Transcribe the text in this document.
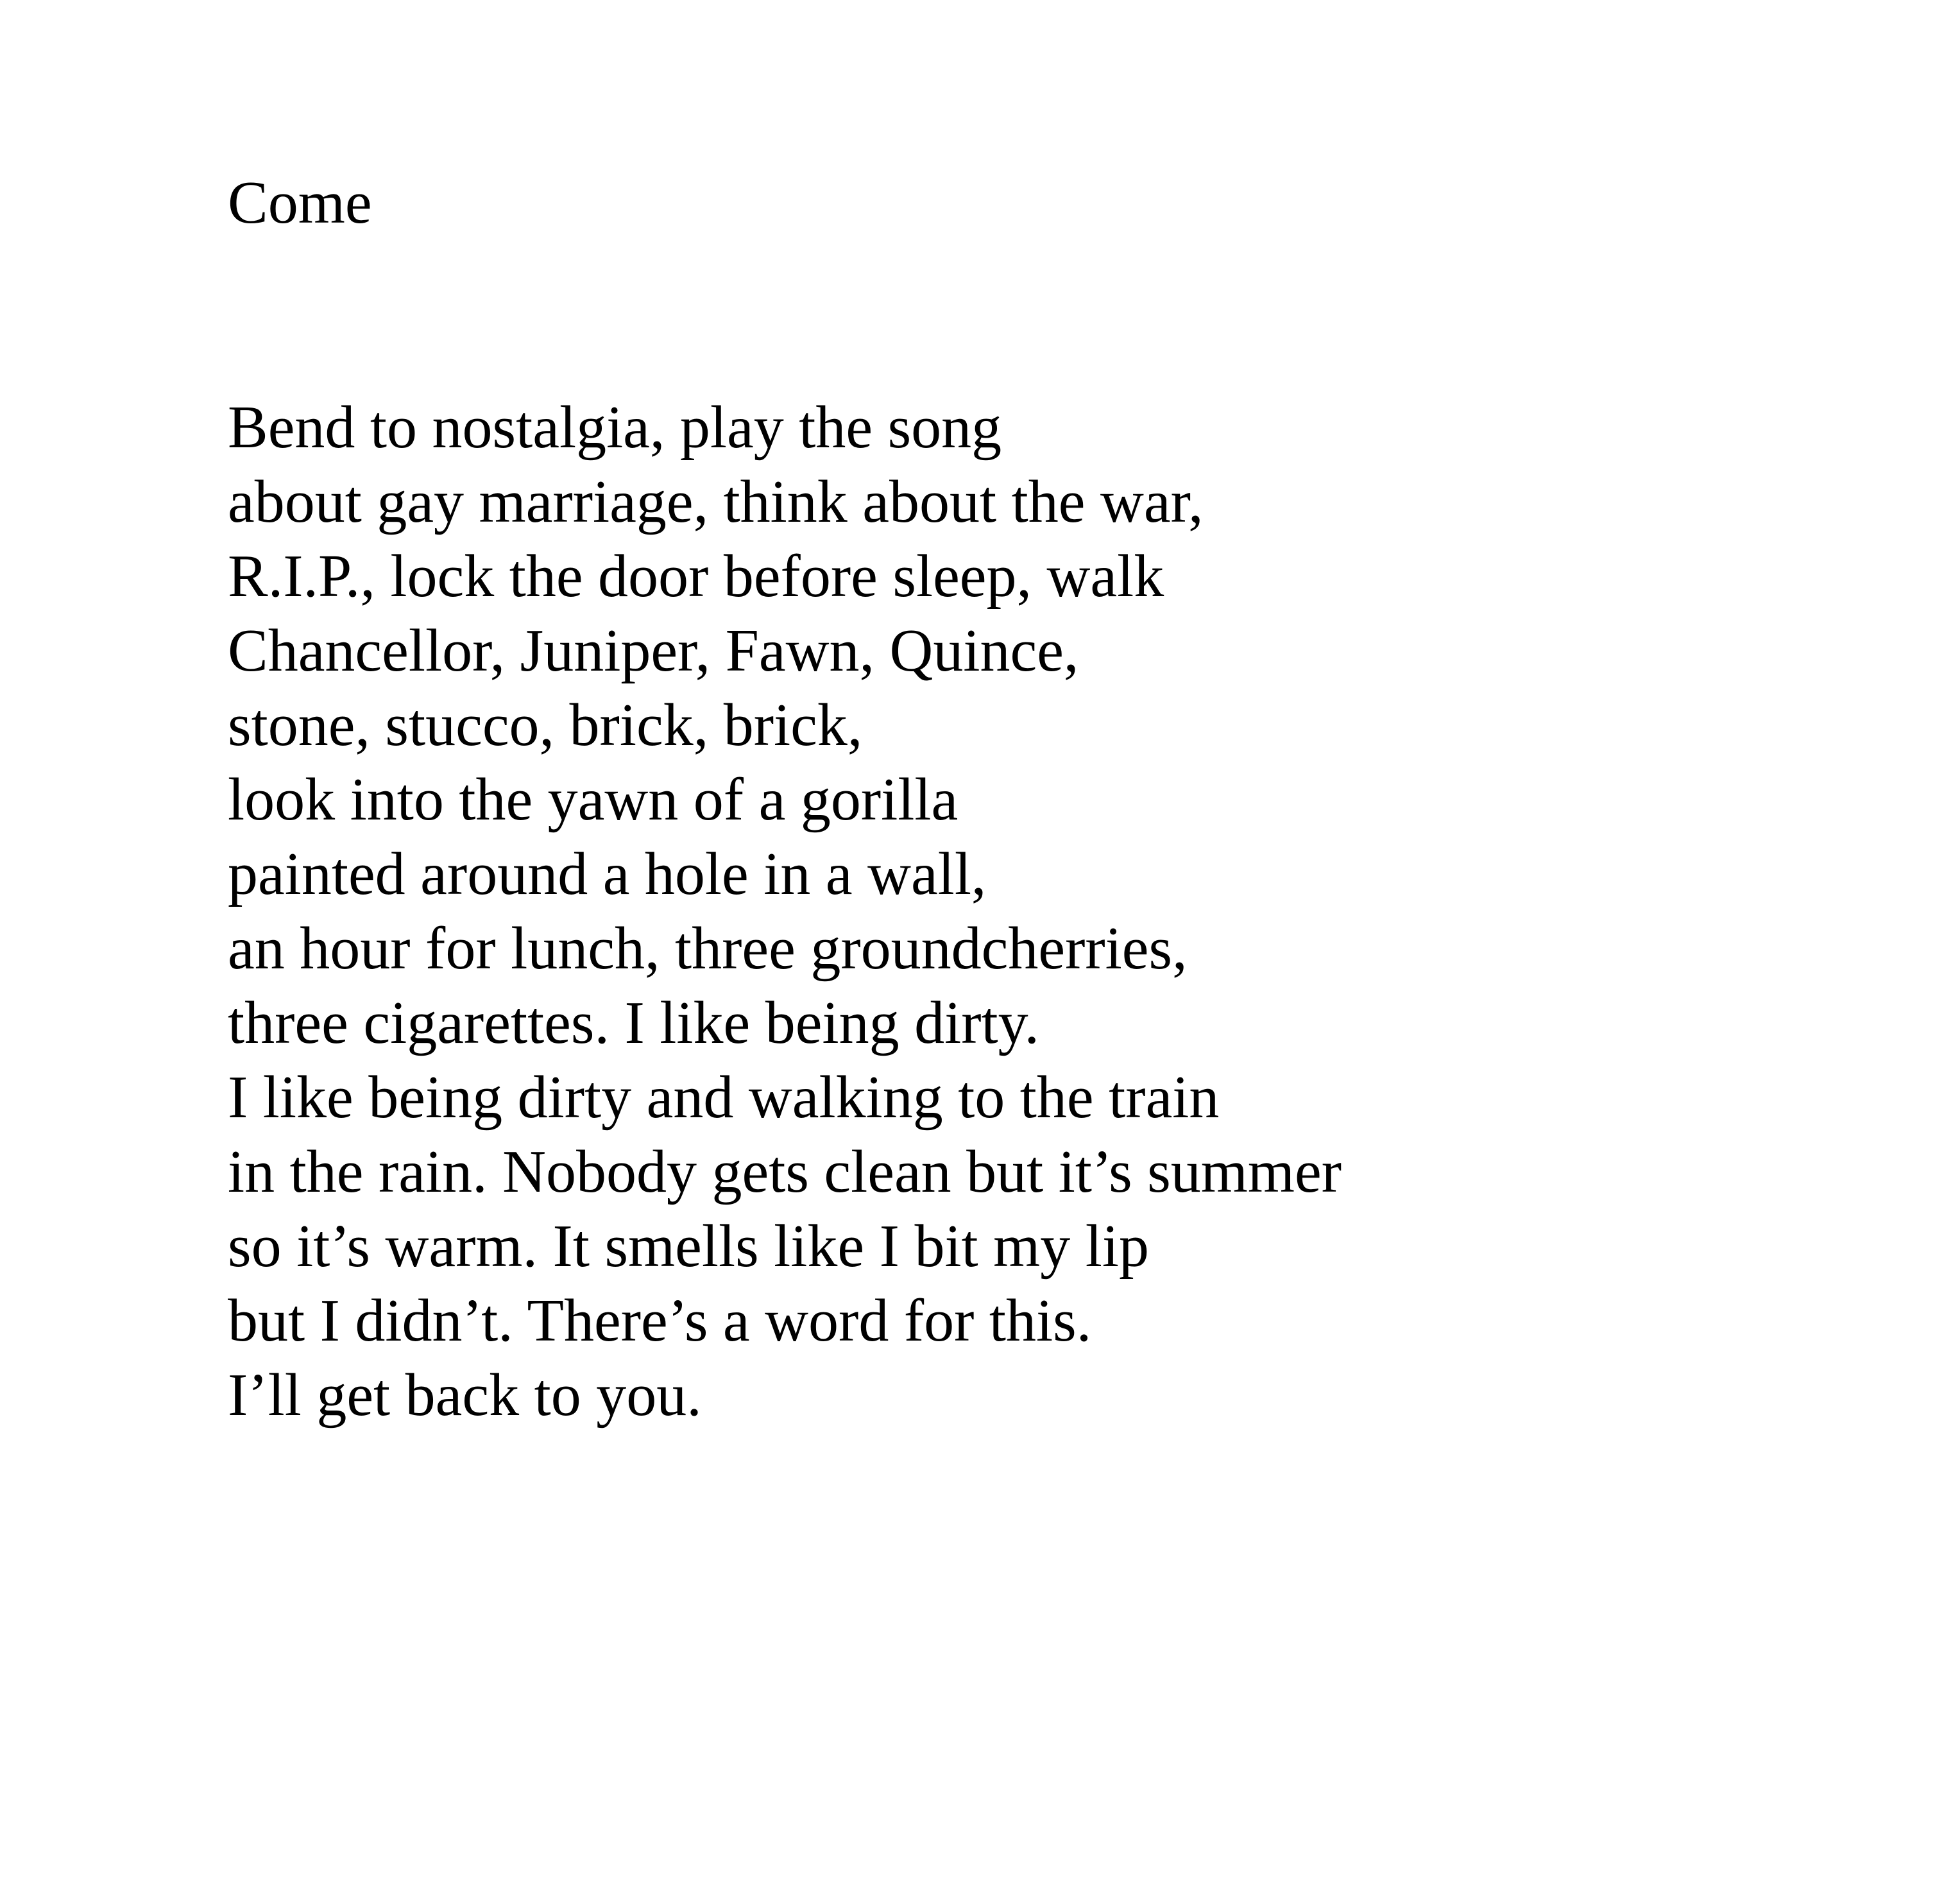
Come
Bend to nostalgia, play the song
about gay marriage, think about the war,
R.I.P., lock the door before sleep, walk
Chancellor, Juniper, Fawn, Quince,
stone, stucco, brick, brick,
look into the yawn of a gorilla
painted around a hole in a wall,
an hour for lunch, three groundcherries,
three cigarettes. I like being dirty.
I like being dirty and walking to the train
in the rain. Nobody gets clean but it’s summer
so it’s warm. It smells like I bit my lip
but I didn’t. There’s a word for this.
I’ll get back to you.
